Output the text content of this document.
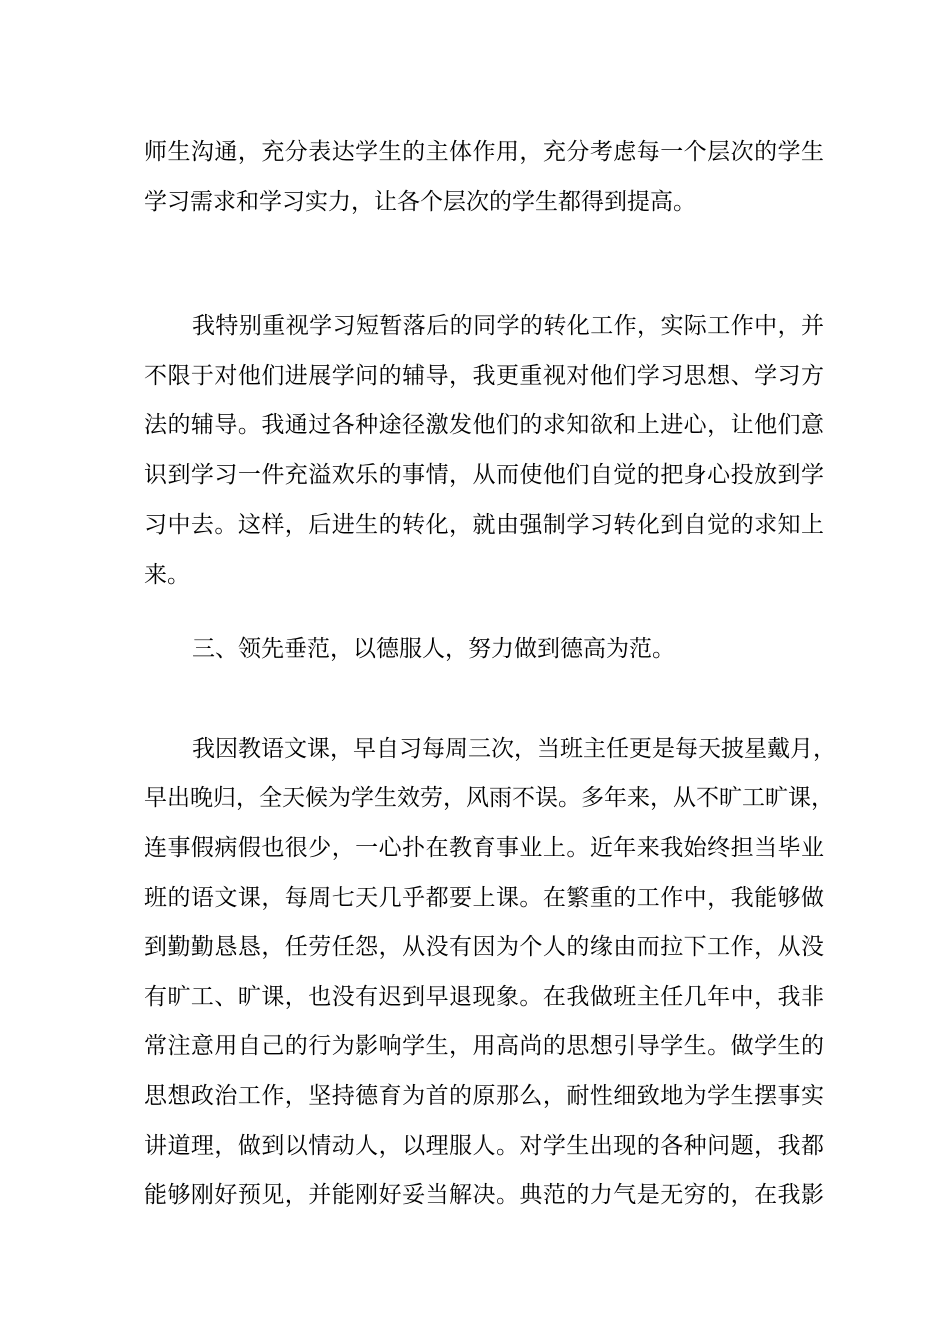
师生沟通，充分表达学生的主体作用，充分考虑每一个层次的学生
学习需求和学习实力，让各个层次的学生都得到提高。
我特别重视学习短暂落后的同学的转化工作，实际工作中，并
不限于对他们进展学问的辅导，我更重视对他们学习思想、学习方
法的辅导。我通过各种途径激发他们的求知欲和上进心，让他们意
识到学习一件充溢欢乐的事情，从而使他们自觉的把身心投放到学
习中去。这样，后进生的转化，就由强制学习转化到自觉的求知上
来。
三、领先垂范，以德服人，努力做到德高为范。
我因教语文课，早自习每周三次，当班主任更是每天披星戴月，
早出晚归，全天候为学生效劳，风雨不误。多年来，从不旷工旷课，
连事假病假也很少，一心扑在教育事业上。近年来我始终担当毕业
班的语文课，每周七天几乎都要上课。在繁重的工作中，我能够做
到勤勤恳恳，任劳任怨，从没有因为个人的缘由而拉下工作，从没
有旷工、旷课，也没有迟到早退现象。在我做班主任几年中，我非
常注意用自己的行为影响学生，用高尚的思想引导学生。做学生的
思想政治工作，坚持德育为首的原那么，耐性细致地为学生摆事实
讲道理，做到以情动人，以理服人。对学生出现的各种问题，我都
能够刚好预见，并能刚好妥当解决。典范的力气是无穷的，在我影
